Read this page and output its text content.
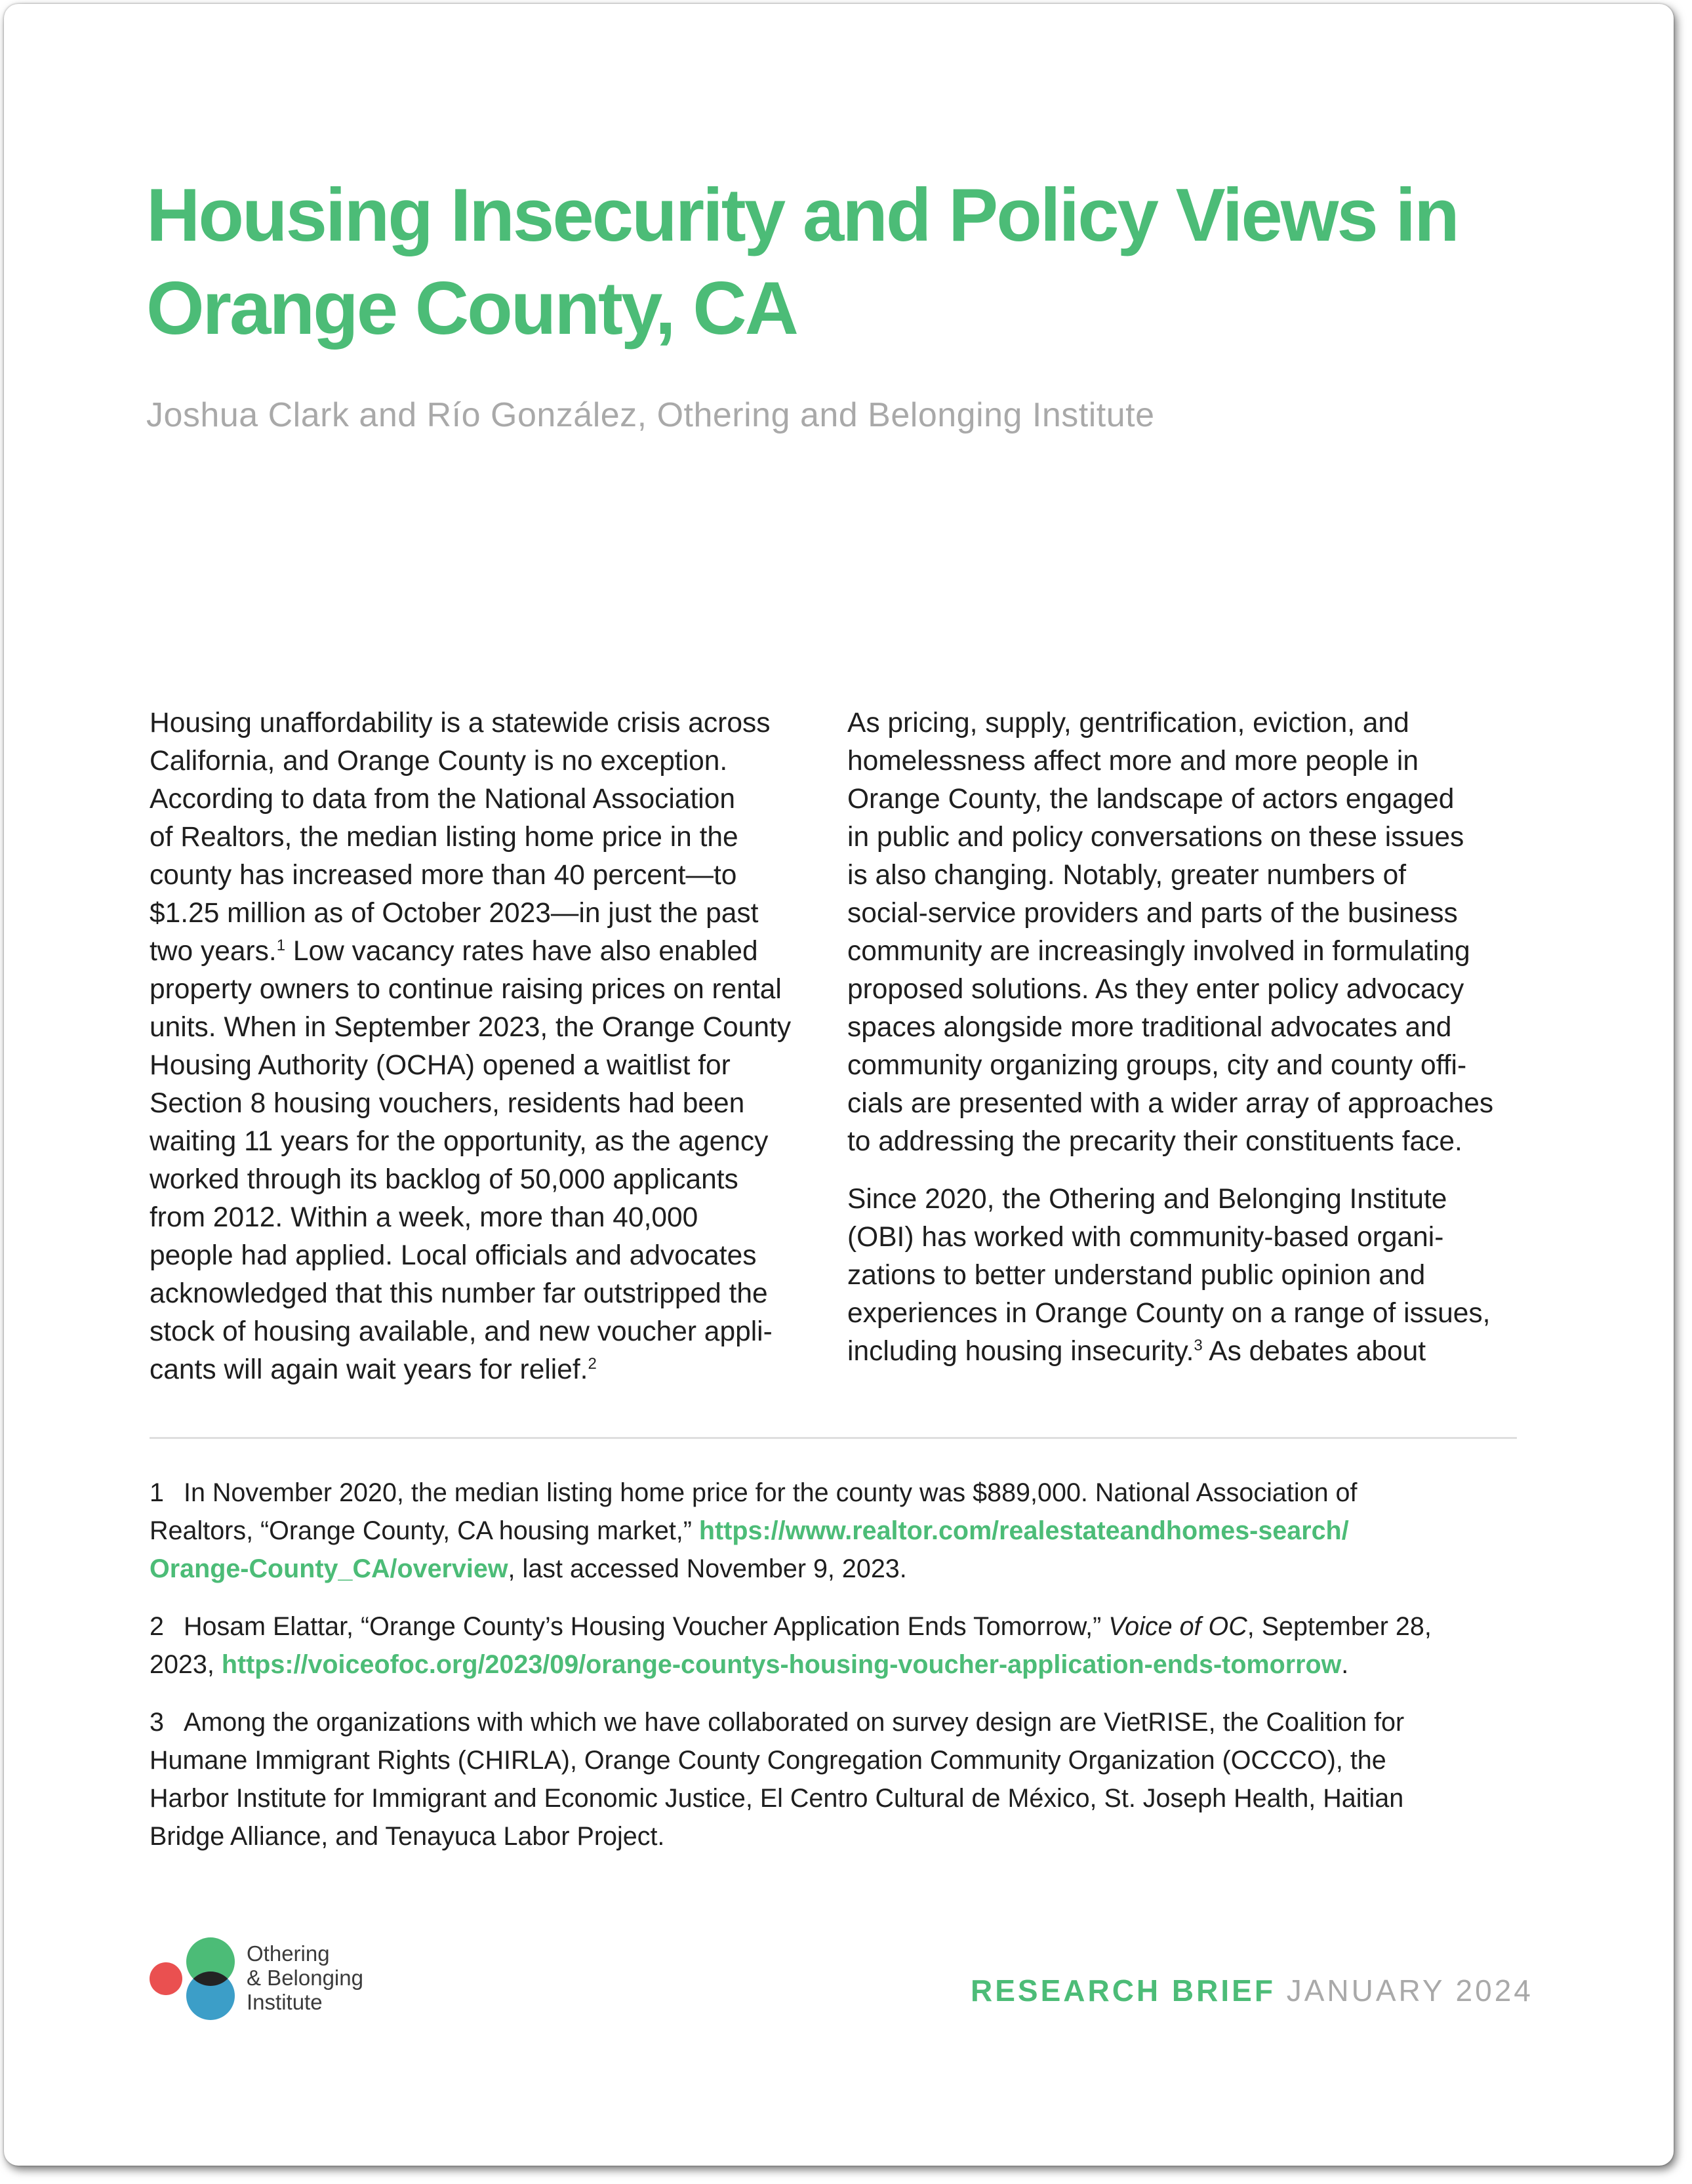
Housing Insecurity and Policy Views in
Orange County, CA

Joshua Clark and Río González, Othering and Belonging Institute

Housing unaffordability is a statewide crisis across
California, and Orange County is no exception.
According to data from the National Association
of Realtors, the median listing home price in the
county has increased more than 40 percent—to
$1.25 million as of October 2023—in just the past
two years.$^1$ Low vacancy rates have also enabled
property owners to continue raising prices on rental
units. When in September 2023, the Orange County
Housing Authority (OCHA) opened a waitlist for
Section 8 housing vouchers, residents had been
waiting 11 years for the opportunity, as the agency
worked through its backlog of 50,000 applicants
from 2012. Within a week, more than 40,000
people had applied. Local officials and advocates
acknowledged that this number far outstripped the
stock of housing available, and new voucher appli-
cants will again wait years for relief.$^2$

As pricing, supply, gentrification, eviction, and
homelessness affect more and more people in
Orange County, the landscape of actors engaged
in public and policy conversations on these issues
is also changing. Notably, greater numbers of
social-service providers and parts of the business
community are increasingly involved in formulating
proposed solutions. As they enter policy advocacy
spaces alongside more traditional advocates and
community organizing groups, city and county offi-
cials are presented with a wider array of approaches
to addressing the precarity their constituents face.

Since 2020, the Othering and Belonging Institute
(OBI) has worked with community-based organi-
zations to better understand public opinion and
experiences in Orange County on a range of issues,
including housing insecurity.$^3$ As debates about

1 In November 2020, the median listing home price for the county was $889,000. National Association of
Realtors, “Orange County, CA housing market,” https://www.realtor.com/realestateandhomes-search/
Orange-County_CA/overview, last accessed November 9, 2023.
2 Hosam Elattar, “Orange County’s Housing Voucher Application Ends Tomorrow,” Voice of OC, September 28,
2023, https://voiceofoc.org/2023/09/orange-countys-housing-voucher-application-ends-tomorrow.
3 Among the organizations with which we have collaborated on survey design are VietRISE, the Coalition for
Humane Immigrant Rights (CHIRLA), Orange County Congregation Community Organization (OCCCO), the
Harbor Institute for Immigrant and Economic Justice, El Centro Cultural de México, St. Joseph Health, Haitian
Bridge Alliance, and Tenayuca Labor Project.
Othering
& Belonging
Institute	RESEARCH BRIEF JANUARY 2024
